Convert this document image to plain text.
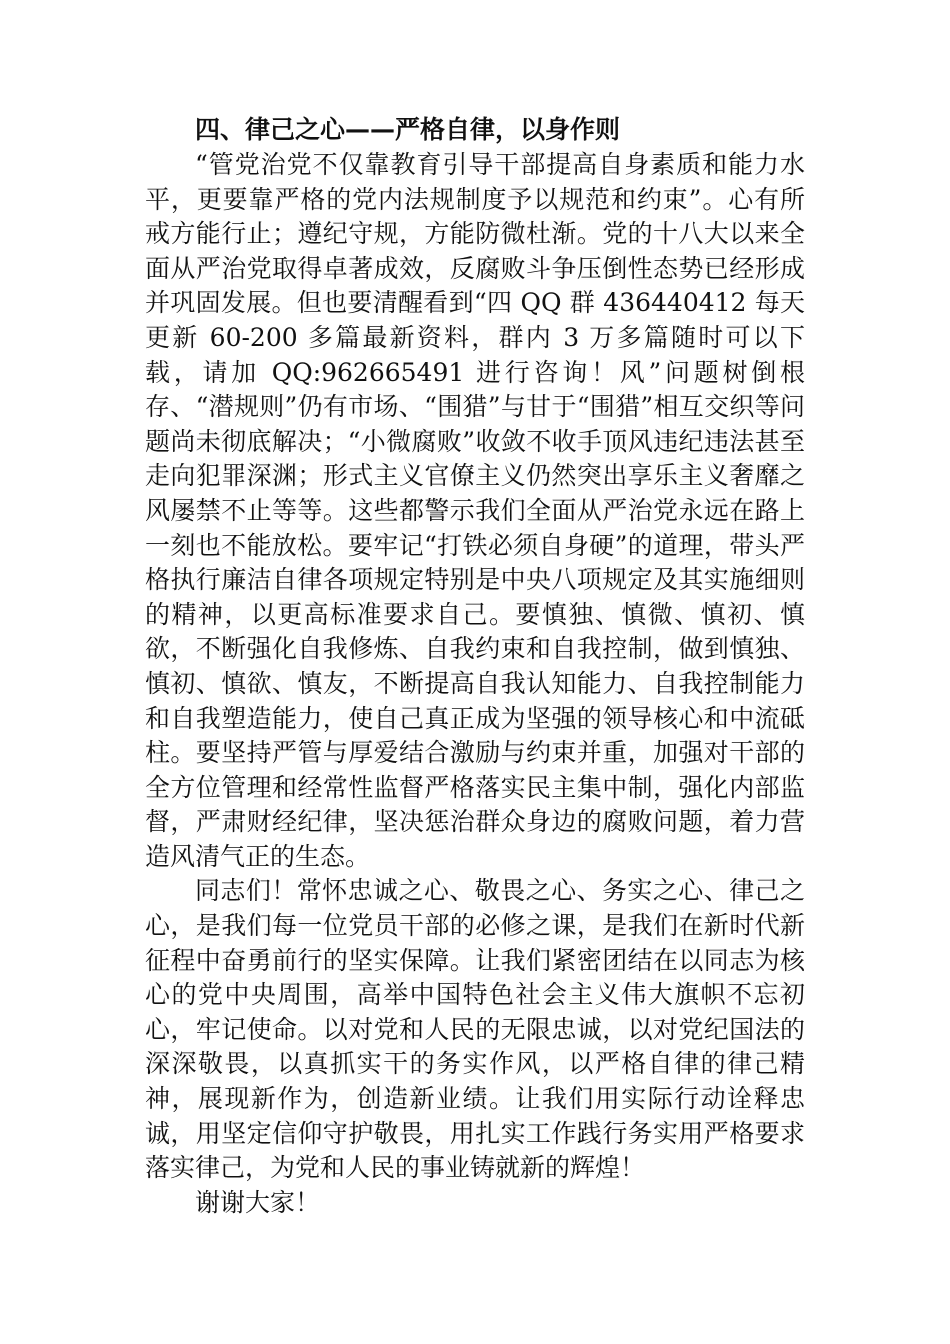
四、律己之心——严格自律，以身作则

“管党治党不仅靠教育引导干部提高自身素质和能力水平，更要靠严格的党内法规制度予以规范和约束”。心有所戒方能行止；遵纪守规，方能防微杜渐。党的十八大以来全面从严治党取得卓著成效，反腐败斗争压倒性态势已经形成并巩固发展。但也要清醒看到“四 QQ 群 436440412 每天更新 60-200 多篇最新资料，群内 3 万多篇随时可以下载，请加 QQ:962665491 进行咨询！风”问题树倒根存、“潜规则”仍有市场、“围猎”与甘于“围猎”相互交织等问题尚未彻底解决；“小微腐败”收敛不收手顶风违纪违法甚至走向犯罪深渊；形式主义官僚主义仍然突出享乐主义奢靡之风屡禁不止等等。这些都警示我们全面从严治党永远在路上一刻也不能放松。要牢记“打铁必须自身硬”的道理，带头严格执行廉洁自律各项规定特别是中央八项规定及其实施细则的精神，以更高标准要求自己。要慎独、慎微、慎初、慎欲，不断强化自我修炼、自我约束和自我控制，做到慎独、慎初、慎欲、慎友，不断提高自我认知能力、自我控制能力和自我塑造能力，使自己真正成为坚强的领导核心和中流砥柱。要坚持严管与厚爱结合激励与约束并重，加强对干部的全方位管理和经常性监督严格落实民主集中制，强化内部监督，严肃财经纪律，坚决惩治群众身边的腐败问题，着力营造风清气正的生态。

同志们！常怀忠诚之心、敬畏之心、务实之心、律己之心，是我们每一位党员干部的必修之课，是我们在新时代新征程中奋勇前行的坚实保障。让我们紧密团结在以同志为核心的党中央周围，高举中国特色社会主义伟大旗帜不忘初心，牢记使命。以对党和人民的无限忠诚，以对党纪国法的深深敬畏，以真抓实干的务实作风，以严格自律的律己精神，展现新作为，创造新业绩。让我们用实际行动诠释忠诚，用坚定信仰守护敬畏，用扎实工作践行务实用严格要求落实律己，为党和人民的事业铸就新的辉煌！

谢谢大家！
